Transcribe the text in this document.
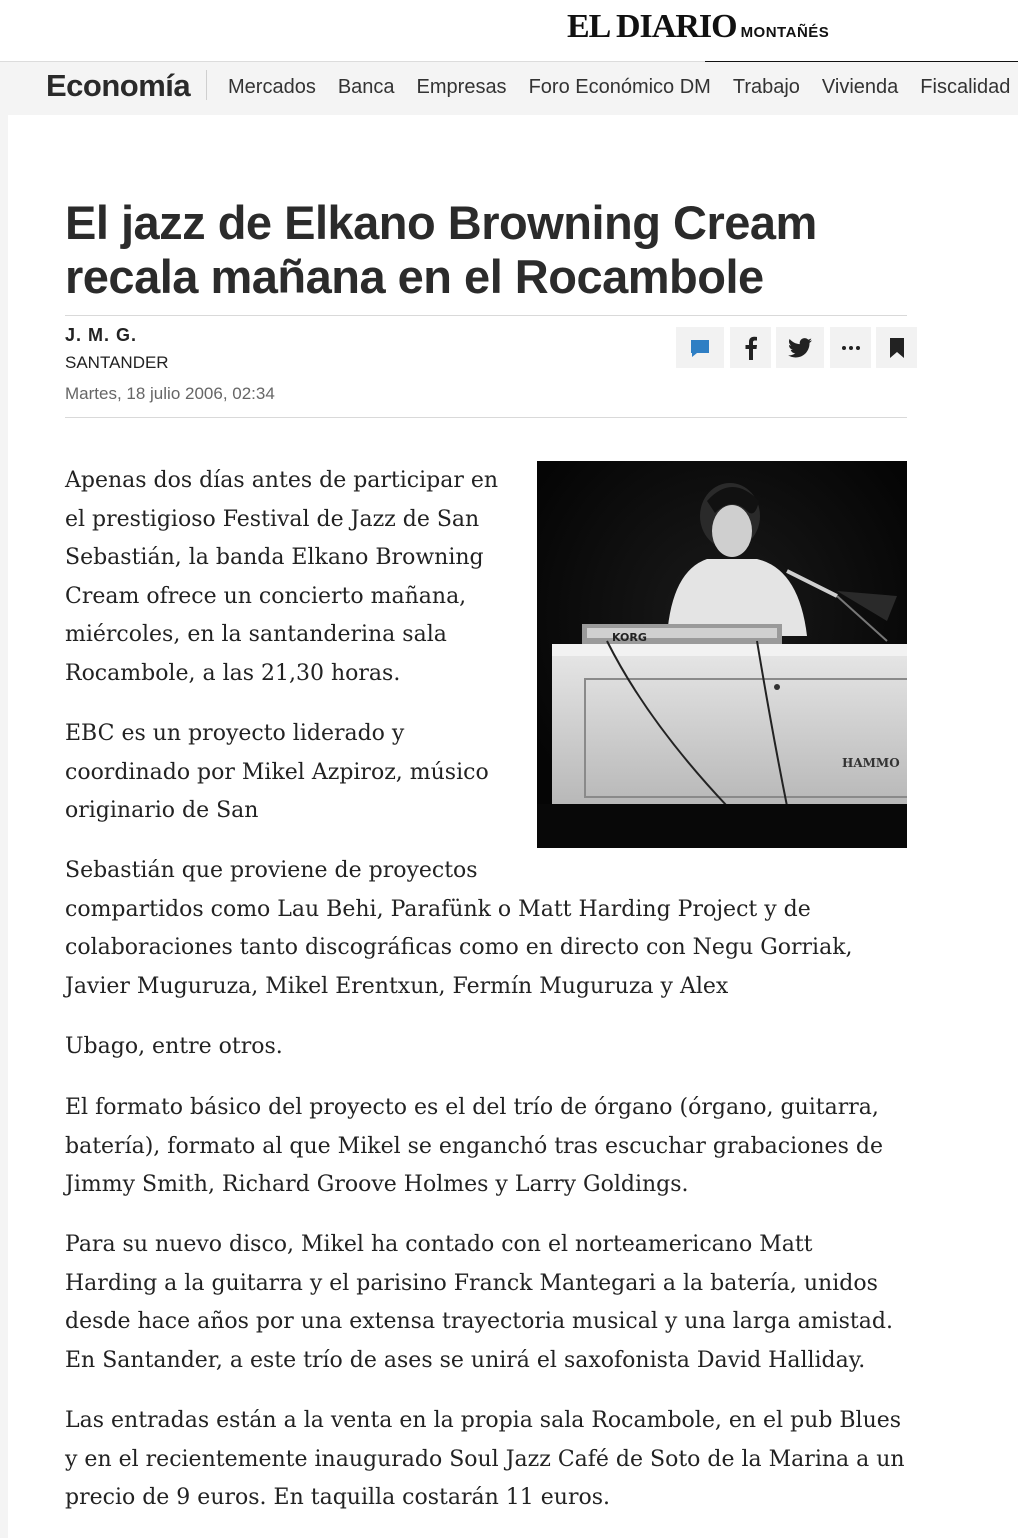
EL DIARIO MONTAÑÉS
Economía Mercados Banca Empresas Foro Económico DM Trabajo Vivienda Fiscalidad
El jazz de Elkano Browning Cream recala mañana en el Rocambole
J. M. G.
SANTANDER
Martes, 18 julio 2006, 02:34
KORG
HAMMO

Apenas dos días antes de participar en
el prestigioso Festival de Jazz de San
Sebastián, la banda Elkano Browning
Cream ofrece un concierto mañana,
miércoles, en la santanderina sala
Rocambole, a las 21,30 horas.

EBC es un proyecto liderado y
coordinado por Mikel Azpiroz, músico
originario de San

Sebastián que proviene de proyectos
compartidos como Lau Behi, Parafünk o Matt Harding Project y de
colaboraciones tanto discográficas como en directo con Negu Gorriak,
Javier Muguruza, Mikel Erentxun, Fermín Muguruza y Alex

Ubago, entre otros.

El formato básico del proyecto es el del trío de órgano (órgano, guitarra,
batería), formato al que Mikel se enganchó tras escuchar grabaciones de
Jimmy Smith, Richard Groove Holmes y Larry Goldings.

Para su nuevo disco, Mikel ha contado con el norteamericano Matt
Harding a la guitarra y el parisino Franck Mantegari a la batería, unidos
desde hace años por una extensa trayectoria musical y una larga amistad.
En Santander, a este trío de ases se unirá el saxofonista David Halliday.

Las entradas están a la venta en la propia sala Rocambole, en el pub Blues
y en el recientemente inaugurado Soul Jazz Café de Soto de la Marina a un
precio de 9 euros. En taquilla costarán 11 euros.
